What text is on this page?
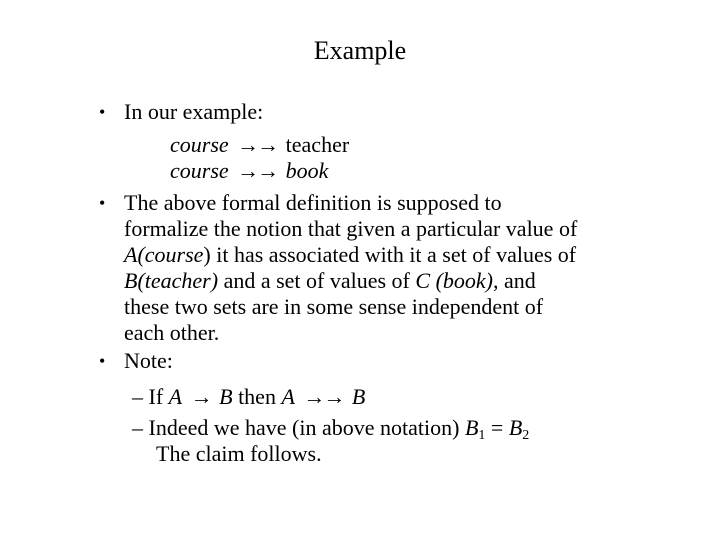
Example
• In our example:
course →→ teacher
course →→ book
• The above formal definition is supposed to
formalize the notion that given a particular value of
A(course) it has associated with it a set of values of
B(teacher) and a set of values of C (book), and
these two sets are in some sense independent of
each other.
• Note:
– If A → B then A →→ B
– Indeed we have (in above notation) $B_1 = B_2$
The claim follows.
